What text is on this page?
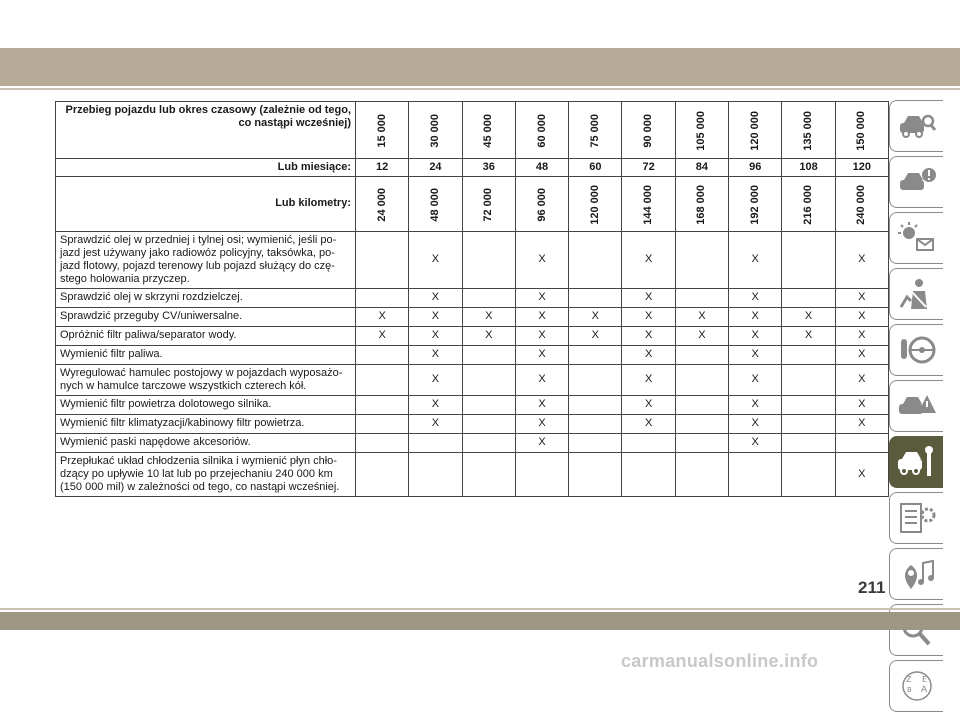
Przebieg pojazdu lub okres czasowy (zależnie od tego, co nastąpi wcześniej)	15 000	30 000	45 000	60 000	75 000	90 000	105 000	120 000	135 000	150 000
Lub miesiące:	12	24	36	48	60	72	84	96	108	120
Lub kilometry:	24 000	48 000	72 000	96 000	120 000	144 000	168 000	192 000	216 000	240 000
Sprawdzić olej w przedniej i tylnej osi; wymienić, jeśli po-jazd jest używany jako radiowóz policyjny, taksówka, po-jazd flotowy, pojazd terenowy lub pojazd służący do czę-stego holowania przyczep.		X		X		X		X		X
Sprawdzić olej w skrzyni rozdzielczej.		X		X		X		X		X
Sprawdzić przeguby CV/uniwersalne.	X	X	X	X	X	X	X	X	X	X
Opróżnić filtr paliwa/separator wody.	X	X	X	X	X	X	X	X	X	X
Wymienić filtr paliwa.		X		X		X		X		X
Wyregulować hamulec postojowy w pojazdach wyposażo-nych w hamulce tarczowe wszystkich czterech kół.		X		X		X		X		X
Wymienić filtr powietrza dolotowego silnika.		X		X		X		X		X
Wymienić filtr klimatyzacji/kabinowy filtr powietrza.		X		X		X		X		X
Wymienić paski napędowe akcesoriów.				X				X		
Przepłukać układ chłodzenia silnika i wymienić płyn chło-dzący po upływie 10 lat lub po przejechaniu 240 000 km (150 000 mil) w zależności od tego, co nastąpi wcześniej.										X
Z E
A
B
211
carmanualsonline.info
